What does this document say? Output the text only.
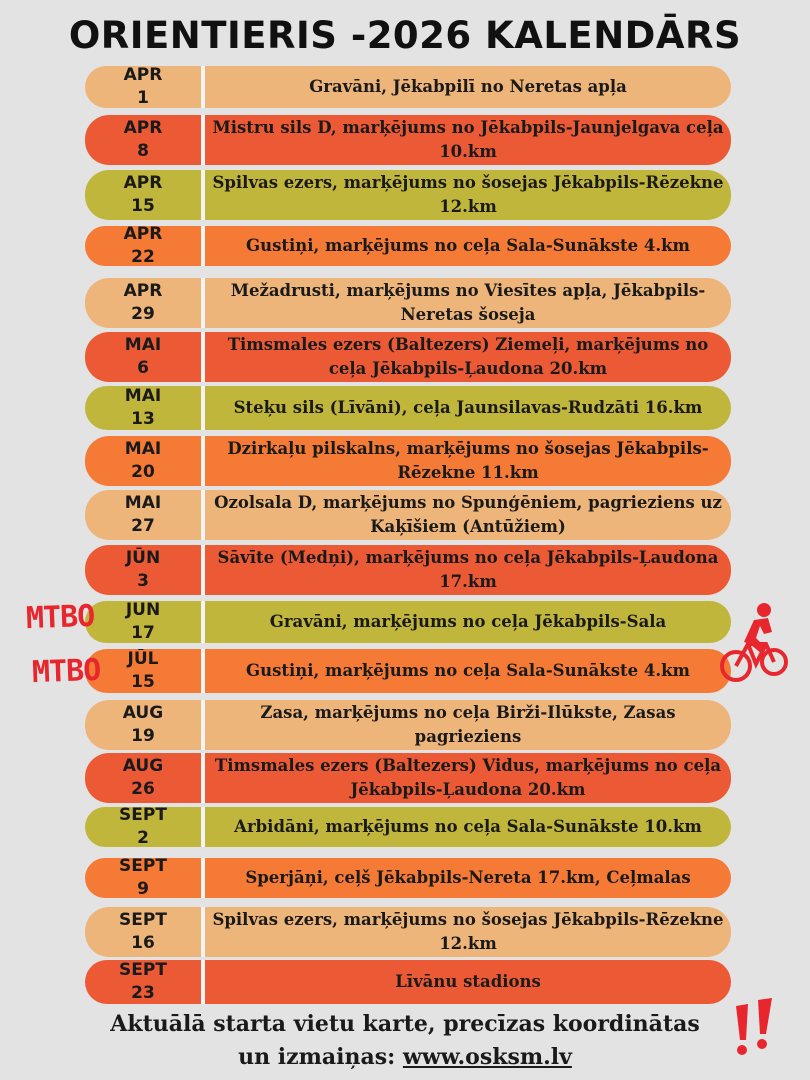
ORIENTIERIS -2026 KALENDĀRS
APR
1
Gravāni, Jēkabpilī no Neretas apļa
APR
8
Mistru sils D, marķējums no Jēkabpils-Jaunjelgava ceļa 10.km
APR
15
Spilvas ezers, marķējums no šosejas Jēkabpils-Rēzekne 12.km
APR
22
Gustiņi, marķējums no ceļa Sala-Sunākste 4.km
APR
29
Mežadrusti, marķējums no Viesītes apļa, Jēkabpils-Neretas šoseja
MAI
6
Timsmales ezers (Baltezers) Ziemeļi, marķējums no ceļa Jēkabpils-Ļaudona 20.km
MAI
13
Steķu sils (Līvāni), ceļa Jaunsilavas-Rudzāti 16.km
MAI
20
Dzirkaļu pilskalns, marķējums no šosejas Jēkabpils-Rēzekne 11.km
MAI
27
Ozolsala D, marķējums no Spunģēniem, pagrieziens uz Kaķīšiem (Antūžiem)
JŪN
3
Sāvīte (Medņi), marķējums no ceļa Jēkabpils-Ļaudona 17.km
JŪN
17
Gravāni, marķējums no ceļa Jēkabpils-Sala
JŪL
15
Gustiņi, marķējums no ceļa Sala-Sunākste 4.km
AUG
19
Zasa, marķējums no ceļa Birži-Ilūkste, Zasas pagrieziens
AUG
26
Timsmales ezers (Baltezers) Vidus, marķējums no ceļa Jēkabpils-Ļaudona 20.km
SEPT
2
Arbidāni, marķējums no ceļa Sala-Sunākste 10.km
SEPT
9
Sperjāņi, ceļš Jēkabpils-Nereta 17.km, Ceļmalas
SEPT
16
Spilvas ezers, marķējums no šosejas Jēkabpils-Rēzekne 12.km
SEPT
23
Līvānu stadions
MTBO
MTBO
Aktuālā starta vietu karte, precīzas koordinātas
un izmaiņas: www.osksm.lv
